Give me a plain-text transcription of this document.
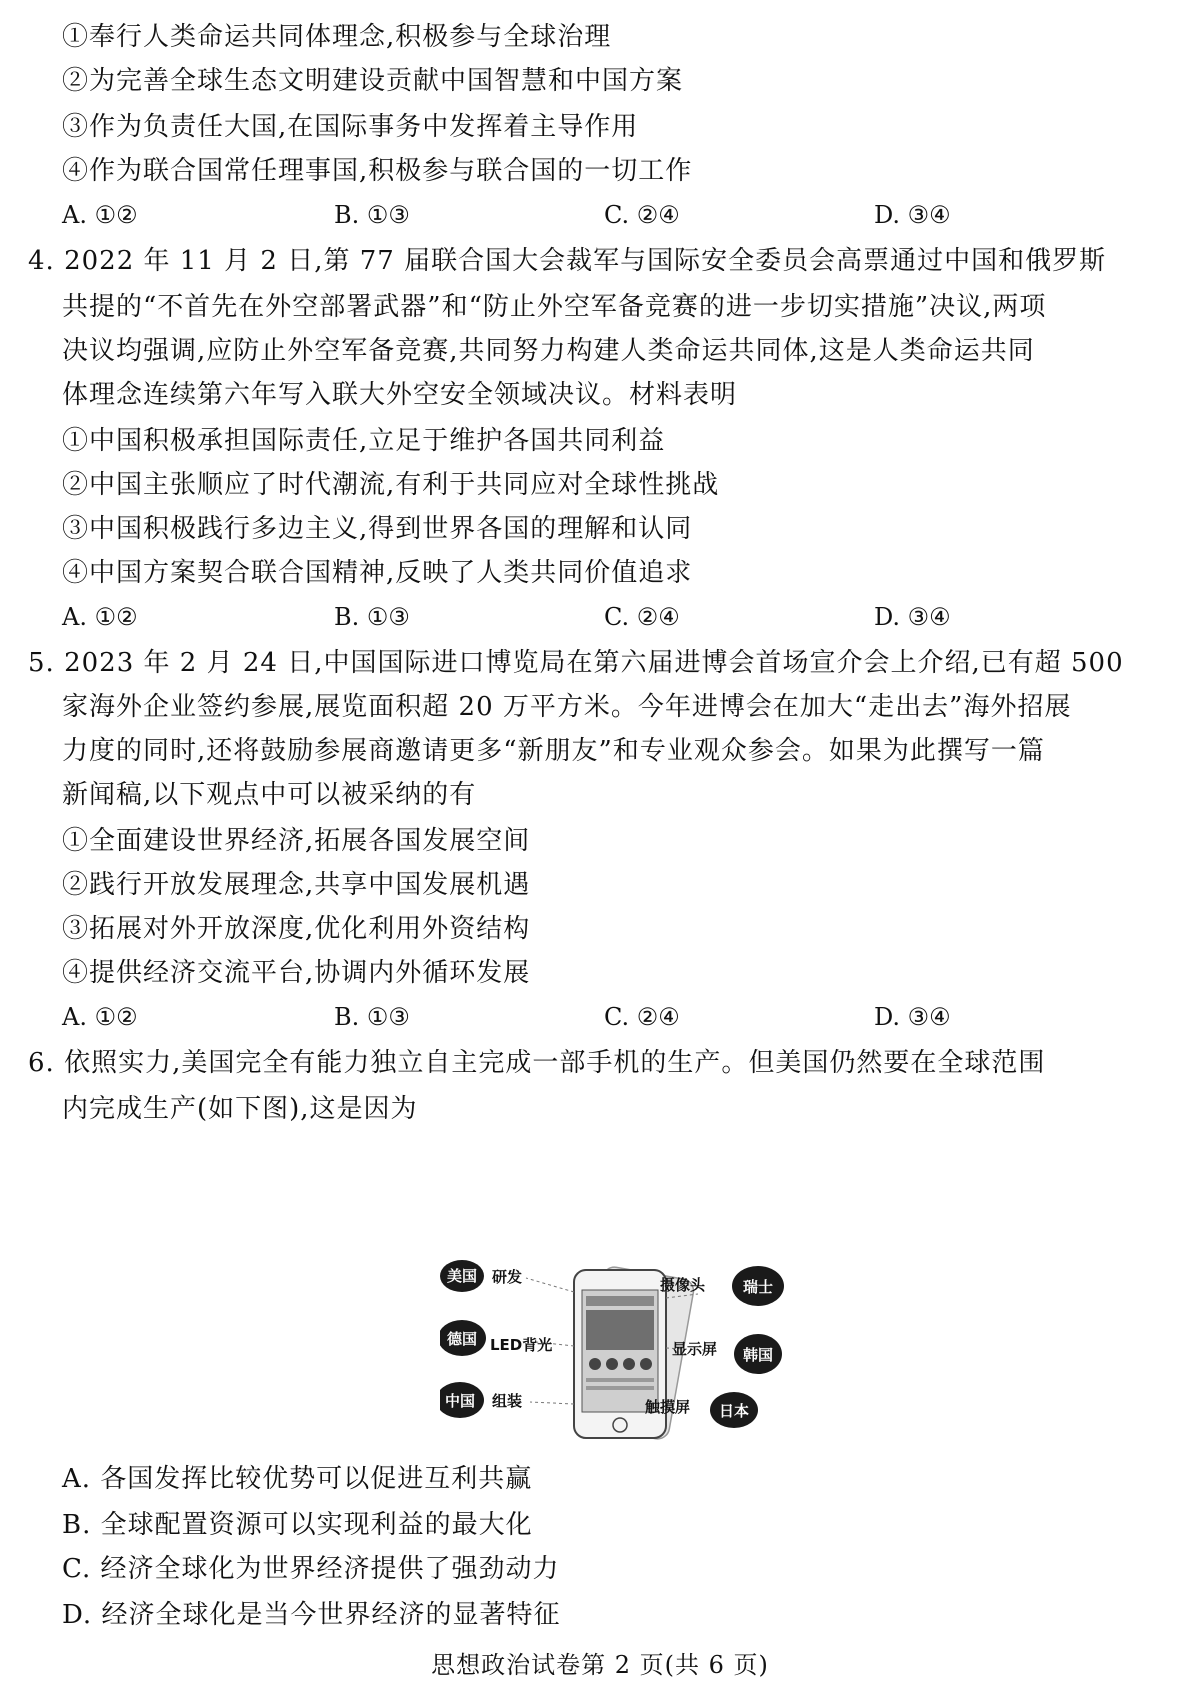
①奉行人类命运共同体理念,积极参与全球治理
②为完善全球生态文明建设贡献中国智慧和中国方案
③作为负责任大国,在国际事务中发挥着主导作用
④作为联合国常任理事国,积极参与联合国的一切工作
A. ①②	B. ①③	C. ②④	D. ③④
4. 2022 年 11 月 2 日,第 77 届联合国大会裁军与国际安全委员会高票通过中国和俄罗斯
共提的“不首先在外空部署武器”和“防止外空军备竞赛的进一步切实措施”决议,两项
决议均强调,应防止外空军备竞赛,共同努力构建人类命运共同体,这是人类命运共同
体理念连续第六年写入联大外空安全领域决议。材料表明
①中国积极承担国际责任,立足于维护各国共同利益
②中国主张顺应了时代潮流,有利于共同应对全球性挑战
③中国积极践行多边主义,得到世界各国的理解和认同
④中国方案契合联合国精神,反映了人类共同价值追求
A. ①②	B. ①③	C. ②④	D. ③④
5. 2023 年 2 月 24 日,中国国际进口博览局在第六届进博会首场宣介会上介绍,已有超 500
家海外企业签约参展,展览面积超 20 万平方米。今年进博会在加大“走出去”海外招展
力度的同时,还将鼓励参展商邀请更多“新朋友”和专业观众参会。如果为此撰写一篇
新闻稿,以下观点中可以被采纳的有
①全面建设世界经济,拓展各国发展空间
②践行开放发展理念,共享中国发展机遇
③拓展对外开放深度,优化利用外资结构
④提供经济交流平台,协调内外循环发展
A. ①②	B. ①③	C. ②④	D. ③④
6. 依照实力,美国完全有能力独立自主完成一部手机的生产。但美国仍然要在全球范围
内完成生产(如下图),这是因为
美国 研发
德国 LED背光
中国 组装
摄像头	瑞士
显示屏 韩国
触摸屏 日本
A. 各国发挥比较优势可以促进互利共赢
B. 全球配置资源可以实现利益的最大化
C. 经济全球化为世界经济提供了强劲动力
D. 经济全球化是当今世界经济的显著特征
思想政治试卷第 2 页(共 6 页)
